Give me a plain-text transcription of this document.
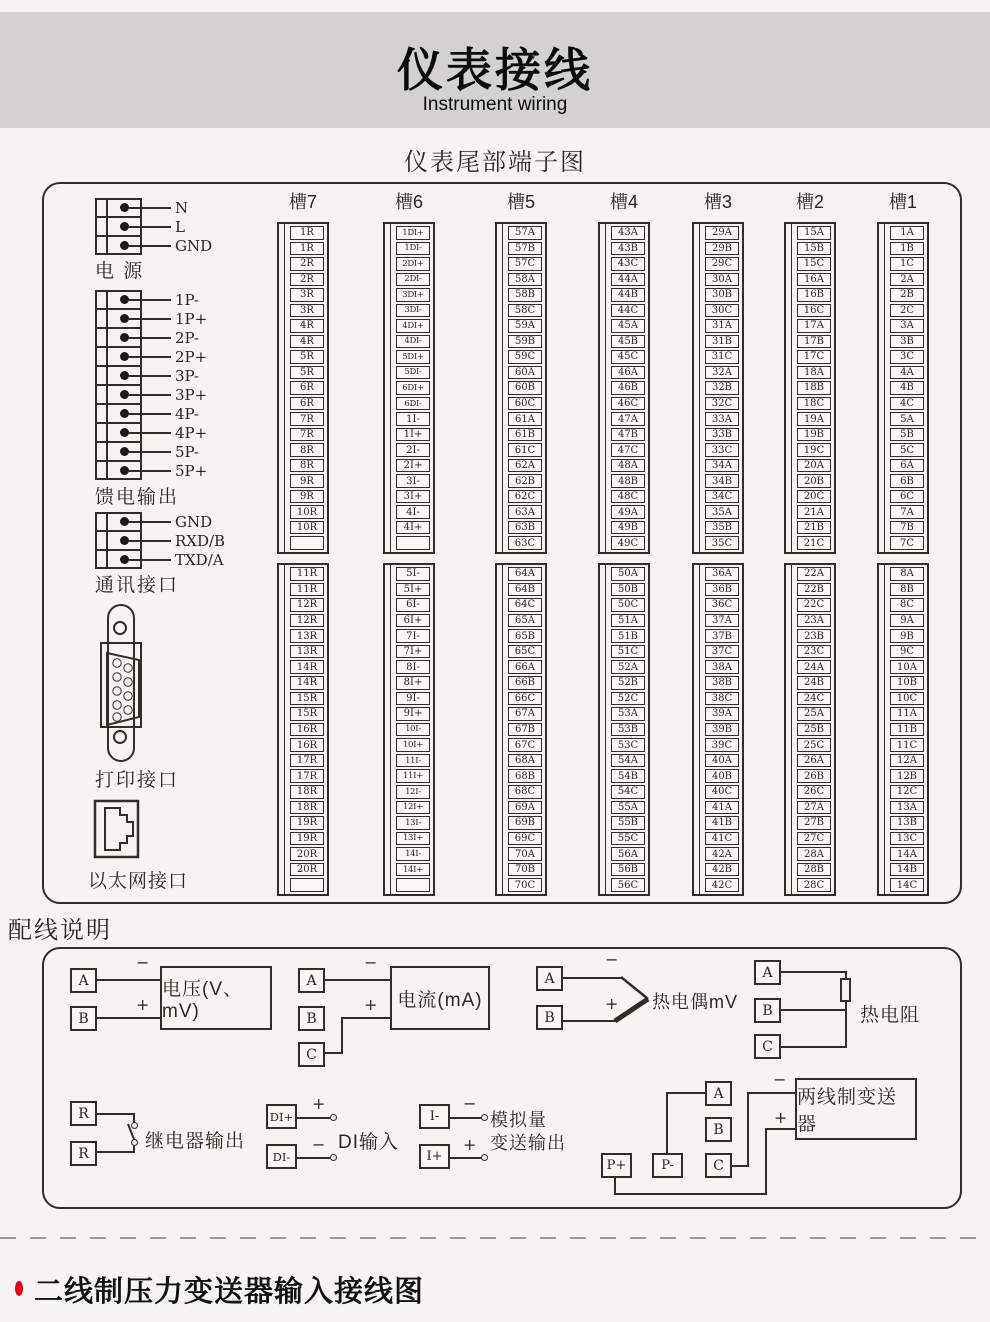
仪表接线
Instrument wiring
仪表尾部端子图
N
L
GND
电 源
1P-
1P+
2P-
2P+
3P-
3P+
4P-
4P+
5P-
5P+
馈电输出
GND
RXD/B
TXD/A
通讯接口
打印接口
以太网接口
槽7
1R
1R
2R
2R
3R
3R
4R
4R
5R
5R
6R
6R
7R
7R
8R
8R
9R
9R
10R
10R
11R
11R
12R
12R
13R
13R
14R
14R
15R
15R
16R
16R
17R
17R
18R
18R
19R
19R
20R
20R
槽6
1DI+
1DI-
2DI+
2DI-
3DI+
3DI-
4DI+
4DI-
5DI+
5DI-
6DI+
6DI-
1I-
1I+
2I-
2I+
3I-
3I+
4I-
4I+
5I-
5I+
6I-
6I+
7I-
7I+
8I-
8I+
9I-
9I+
10I-
10I+
11I-
11I+
12I-
12I+
13I-
13I+
14I-
14I+
槽5
57A
57B
57C
58A
58B
58C
59A
59B
59C
60A
60B
60C
61A
61B
61C
62A
62B
62C
63A
63B
63C
64A
64B
64C
65A
65B
65C
66A
66B
66C
67A
67B
67C
68A
68B
68C
69A
69B
69C
70A
70B
70C
槽4
43A
43B
43C
44A
44B
44C
45A
45B
45C
46A
46B
46C
47A
47B
47C
48A
48B
48C
49A
49B
49C
50A
50B
50C
51A
51B
51C
52A
52B
52C
53A
53B
53C
54A
54B
54C
55A
55B
55C
56A
56B
56C
槽3
29A
29B
29C
30A
30B
30C
31A
31B
31C
32A
32B
32C
33A
33B
33C
34A
34B
34C
35A
35B
35C
36A
36B
36C
37A
37B
37C
38A
38B
38C
39A
39B
39C
40A
40B
40C
41A
41B
41C
42A
42B
42C
槽2
15A
15B
15C
16A
16B
16C
17A
17B
17C
18A
18B
18C
19A
19B
19C
20A
20B
20C
21A
21B
21C
22A
22B
22C
23A
23B
23C
24A
24B
24C
25A
25B
25C
26A
26B
26C
27A
27B
27C
28A
28B
28C
槽1
1A
1B
1C
2A
2B
2C
3A
3B
3C
4A
4B
4C
5A
5B
5C
6A
6B
6C
7A
7B
7C
8A
8B
8C
9A
9B
9C
10A
10B
10C
11A
11B
11C
12A
12B
12C
13A
13B
13C
14A
14B
14C
配线说明
A
B
−
+
电压(V、mV)
A
B
C
−
+	电流(mA)
A
B
−
+ 热电偶mV
A
B
C
热电阻
R
R
继电器输出
DI+
DI-
+
− DI输入
I-
I+
−
+
模拟量
变送输出
A
B
C
P+	P-
−
+
两线制变送器
二线制压力变送器输入接线图
